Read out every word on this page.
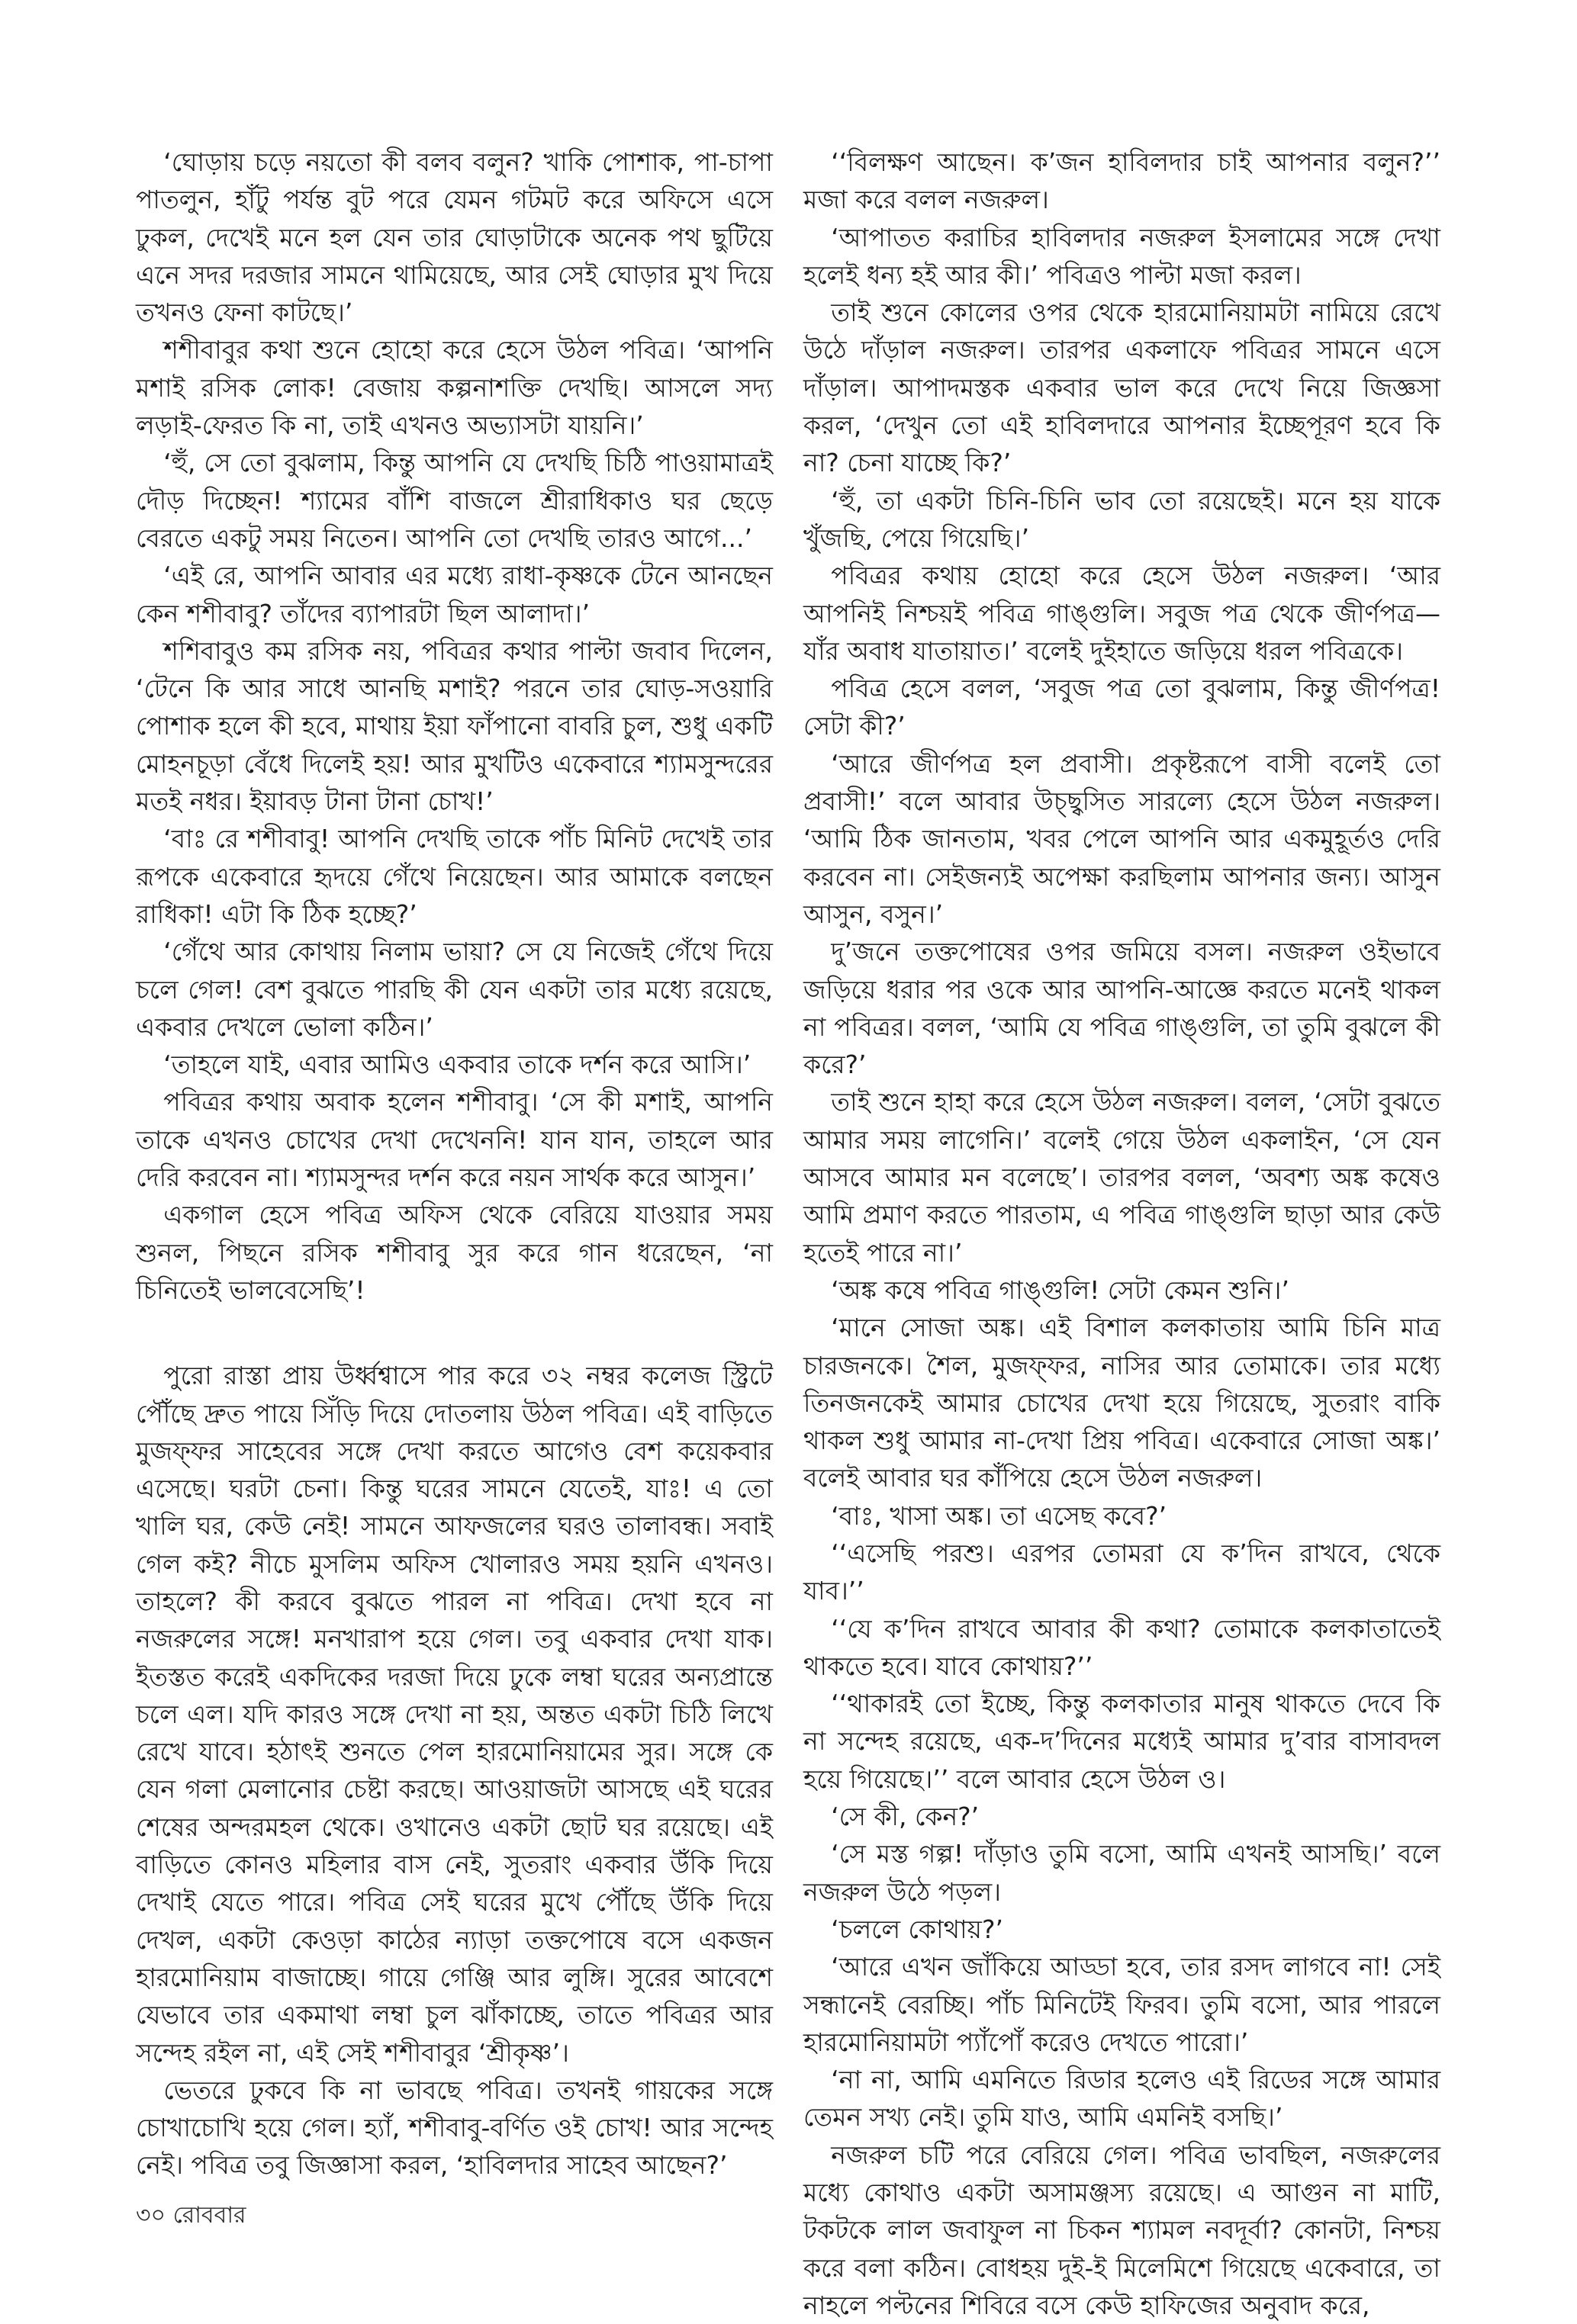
‘ঘোড়ায় চড়ে নয়তো কী বলব বলুন? খাকি পোশাক, পা-চাপা পাতলুন, হাঁটু পর্যন্ত বুট পরে যেমন গটমট করে অফিসে এসে ঢুকল, দেখেই মনে হল যেন তার ঘোড়াটাকে অনেক পথ ছুটিয়ে এনে সদর দরজার সামনে থামিয়েছে, আর সেই ঘোড়ার মুখ দিয়ে তখনও ফেনা কাটছে।’

শশীবাবুর কথা শুনে হোহো করে হেসে উঠল পবিত্র। ‘আপনি মশাই রসিক লোক! বেজায় কল্পনাশক্তি দেখছি। আসলে সদ্য লড়াই-ফেরত কি না, তাই এখনও অভ্যাসটা যায়নি।’

‘হুঁ, সে তো বুঝলাম, কিন্তু আপনি যে দেখছি চিঠি পাওয়ামাত্রই দৌড় দিচ্ছেন! শ্যামের বাঁশি বাজলে শ্রীরাধিকাও ঘর ছেড়ে বেরতে একটু সময় নিতেন। আপনি তো দেখছি তারও আগে...’

‘এই রে, আপনি আবার এর মধ্যে রাধা-কৃষ্ণকে টেনে আনছেন কেন শশীবাবু? তাঁদের ব্যাপারটা ছিল আলাদা।’

শশিবাবুও কম রসিক নয়, পবিত্রর কথার পাল্টা জবাব দিলেন, ‘টেনে কি আর সাধে আনছি মশাই? পরনে তার ঘোড়-সওয়ারি পোশাক হলে কী হবে, মাথায় ইয়া ফাঁপানো বাবরি চুল, শুধু একটি মোহনচূড়া বেঁধে দিলেই হয়! আর মুখটিও একেবারে শ্যামসুন্দরের মতই নধর। ইয়াবড় টানা টানা চোখ!’

‘বাঃ রে শশীবাবু! আপনি দেখছি তাকে পাঁচ মিনিট দেখেই তার রূপকে একেবারে হৃদয়ে গেঁথে নিয়েছেন। আর আমাকে বলছেন রাধিকা! এটা কি ঠিক হচ্ছে?’

‘গেঁথে আর কোথায় নিলাম ভায়া? সে যে নিজেই গেঁথে দিয়ে চলে গেল! বেশ বুঝতে পারছি কী যেন একটা তার মধ্যে রয়েছে, একবার দেখলে ভোলা কঠিন।’

‘তাহলে যাই, এবার আমিও একবার তাকে দর্শন করে আসি।’

পবিত্রর কথায় অবাক হলেন শশীবাবু। ‘সে কী মশাই, আপনি তাকে এখনও চোখের দেখা দেখেননি! যান যান, তাহলে আর দেরি করবেন না। শ্যামসুন্দর দর্শন করে নয়ন সার্থক করে আসুন।’

একগাল হেসে পবিত্র অফিস থেকে বেরিয়ে যাওয়ার সময় শুনল, পিছনে রসিক শশীবাবু সুর করে গান ধরেছেন, ‘না চিনিতেই ভালবেসেছি’!

পুরো রাস্তা প্রায় উর্ধ্বশ্বাসে পার করে ৩২ নম্বর কলেজ স্ট্রিটে পৌঁছে দ্রুত পায়ে সিঁড়ি দিয়ে দোতলায় উঠল পবিত্র। এই বাড়িতে মুজফ্ফর সাহেবের সঙ্গে দেখা করতে আগেও বেশ কয়েকবার এসেছে। ঘরটা চেনা। কিন্তু ঘরের সামনে যেতেই, যাঃ! এ তো খালি ঘর, কেউ নেই! সামনে আফজলের ঘরও তালাবন্ধ। সবাই গেল কই? নীচে মুসলিম অফিস খোলারও সময় হয়নি এখনও। তাহলে? কী করবে বুঝতে পারল না পবিত্র। দেখা হবে না নজরুলের সঙ্গে! মনখারাপ হয়ে গেল। তবু একবার দেখা যাক। ইতস্তত করেই একদিকের দরজা দিয়ে ঢুকে লম্বা ঘরের অন্যপ্রান্তে চলে এল। যদি কারও সঙ্গে দেখা না হয়, অন্তত একটা চিঠি লিখে রেখে যাবে। হঠাৎই শুনতে পেল হারমোনিয়ামের সুর। সঙ্গে কে যেন গলা মেলানোর চেষ্টা করছে। আওয়াজটা আসছে এই ঘরের শেষের অন্দরমহল থেকে। ওখানেও একটা ছোট ঘর রয়েছে। এই বাড়িতে কোনও মহিলার বাস নেই, সুতরাং একবার উঁকি দিয়ে দেখাই যেতে পারে। পবিত্র সেই ঘরের মুখে পৌঁছে উঁকি দিয়ে দেখল, একটা কেওড়া কাঠের ন্যাড়া তক্তপোষে বসে একজন হারমোনিয়াম বাজাচ্ছে। গায়ে গেঞ্জি আর লুঙ্গি। সুরের আবেশে যেভাবে তার একমাথা লম্বা চুল ঝাঁকাচ্ছে, তাতে পবিত্রর আর সন্দেহ রইল না, এই সেই শশীবাবুর ‘শ্রীকৃষ্ণ’।

ভেতরে ঢুকবে কি না ভাবছে পবিত্র। তখনই গায়কের সঙ্গে চোখাচোখি হয়ে গেল। হ্যাঁ, শশীবাবু-বর্ণিত ওই চোখ! আর সন্দেহ নেই। পবিত্র তবু জিজ্ঞাসা করল, ‘হাবিলদার সাহেব আছেন?’

‘‘বিলক্ষণ আছেন। ক’জন হাবিলদার চাই আপনার বলুন?’’ মজা করে বলল নজরুল।

‘আপাতত করাচির হাবিলদার নজরুল ইসলামের সঙ্গে দেখা হলেই ধন্য হই আর কী।’ পবিত্রও পাল্টা মজা করল।

তাই শুনে কোলের ওপর থেকে হারমোনিয়ামটা নামিয়ে রেখে উঠে দাঁড়াল নজরুল। তারপর একলাফে পবিত্রর সামনে এসে দাঁড়াল। আপাদমস্তক একবার ভাল করে দেখে নিয়ে জিজ্ঞসা করল, ‘দেখুন তো এই হাবিলদারে আপনার ইচ্ছেপূরণ হবে কি না? চেনা যাচ্ছে কি?’

‘হুঁ, তা একটা চিনি-চিনি ভাব তো রয়েছেই। মনে হয় যাকে খুঁজছি, পেয়ে গিয়েছি।’

পবিত্রর কথায় হোহো করে হেসে উঠল নজরুল। ‘আর আপনিই নিশ্চয়ই পবিত্র গাঙ্গুলি। সবুজ পত্র থেকে জীর্ণপত্র—যাঁর অবাধ যাতায়াত।’ বলেই দুইহাতে জড়িয়ে ধরল পবিত্রকে।

পবিত্র হেসে বলল, ‘সবুজ পত্র তো বুঝলাম, কিন্তু জীর্ণপত্র! সেটা কী?’

‘আরে জীর্ণপত্র হল প্রবাসী। প্রকৃষ্টরূপে বাসী বলেই তো প্রবাসী!’ বলে আবার উচ্ছ্বসিত সারল্যে হেসে উঠল নজরুল। ‘আমি ঠিক জানতাম, খবর পেলে আপনি আর একমুহূর্তও দেরি করবেন না। সেইজন্যই অপেক্ষা করছিলাম আপনার জন্য। আসুন আসুন, বসুন।’

দু’জনে তক্তপোষের ওপর জমিয়ে বসল। নজরুল ওইভাবে জড়িয়ে ধরার পর ওকে আর আপনি-আজ্ঞে করতে মনেই থাকল না পবিত্রর। বলল, ‘আমি যে পবিত্র গাঙ্গুলি, তা তুমি বুঝলে কী করে?’

তাই শুনে হাহা করে হেসে উঠল নজরুল। বলল, ‘সেটা বুঝতে আমার সময় লাগেনি।’ বলেই গেয়ে উঠল একলাইন, ‘সে যেন আসবে আমার মন বলেছে’। তারপর বলল, ‘অবশ্য অঙ্ক কষেও আমি প্রমাণ করতে পারতাম, এ পবিত্র গাঙ্গুলি ছাড়া আর কেউ হতেই পারে না।’

‘অঙ্ক কষে পবিত্র গাঙ্গুলি! সেটা কেমন শুনি।’

‘মানে সোজা অঙ্ক। এই বিশাল কলকাতায় আমি চিনি মাত্র চারজনকে। শৈল, মুজফ্ফর, নাসির আর তোমাকে। তার মধ্যে তিনজনকেই আমার চোখের দেখা হয়ে গিয়েছে, সুতরাং বাকি থাকল শুধু আমার না-দেখা প্রিয় পবিত্র। একেবারে সোজা অঙ্ক।’ বলেই আবার ঘর কাঁপিয়ে হেসে উঠল নজরুল।

‘বাঃ, খাসা অঙ্ক। তা এসেছ কবে?’

‘‘এসেছি পরশু। এরপর তোমরা যে ক’দিন রাখবে, থেকে যাব।’’

‘‘যে ক’দিন রাখবে আবার কী কথা? তোমাকে কলকাতাতেই থাকতে হবে। যাবে কোথায়?’’

‘‘থাকারই তো ইচ্ছে, কিন্তু কলকাতার মানুষ থাকতে দেবে কি না সন্দেহ রয়েছে, এক-দ’দিনের মধ্যেই আমার দু’বার বাসাবদল হয়ে গিয়েছে।’’ বলে আবার হেসে উঠল ও।

‘সে কী, কেন?’

‘সে মস্ত গল্প! দাঁড়াও তুমি বসো, আমি এখনই আসছি।’ বলে নজরুল উঠে পড়ল।

‘চললে কোথায়?’

‘আরে এখন জাঁকিয়ে আড্ডা হবে, তার রসদ লাগবে না! সেই সন্ধানেই বেরচ্ছি। পাঁচ মিনিটেই ফিরব। তুমি বসো, আর পারলে হারমোনিয়ামটা প্যাঁপোঁ করেও দেখতে পারো।’

‘না না, আমি এমনিতে রিডার হলেও এই রিডের সঙ্গে আমার তেমন সখ্য নেই। তুমি যাও, আমি এমনিই বসছি।’

নজরুল চটি পরে বেরিয়ে গেল। পবিত্র ভাবছিল, নজরুলের মধ্যে কোথাও একটা অসামঞ্জস্য রয়েছে। এ আগুন না মাটি, টকটকে লাল জবাফুল না চিকন শ্যামল নবদূর্বা? কোনটা, নিশ্চয় করে বলা কঠিন। বোধহয় দুই-ই মিলেমিশে গিয়েছে একেবারে, তা নাহলে পল্টনের শিবিরে বসে কেউ হাফিজের অনুবাদ করে,

৩০ রোববার
